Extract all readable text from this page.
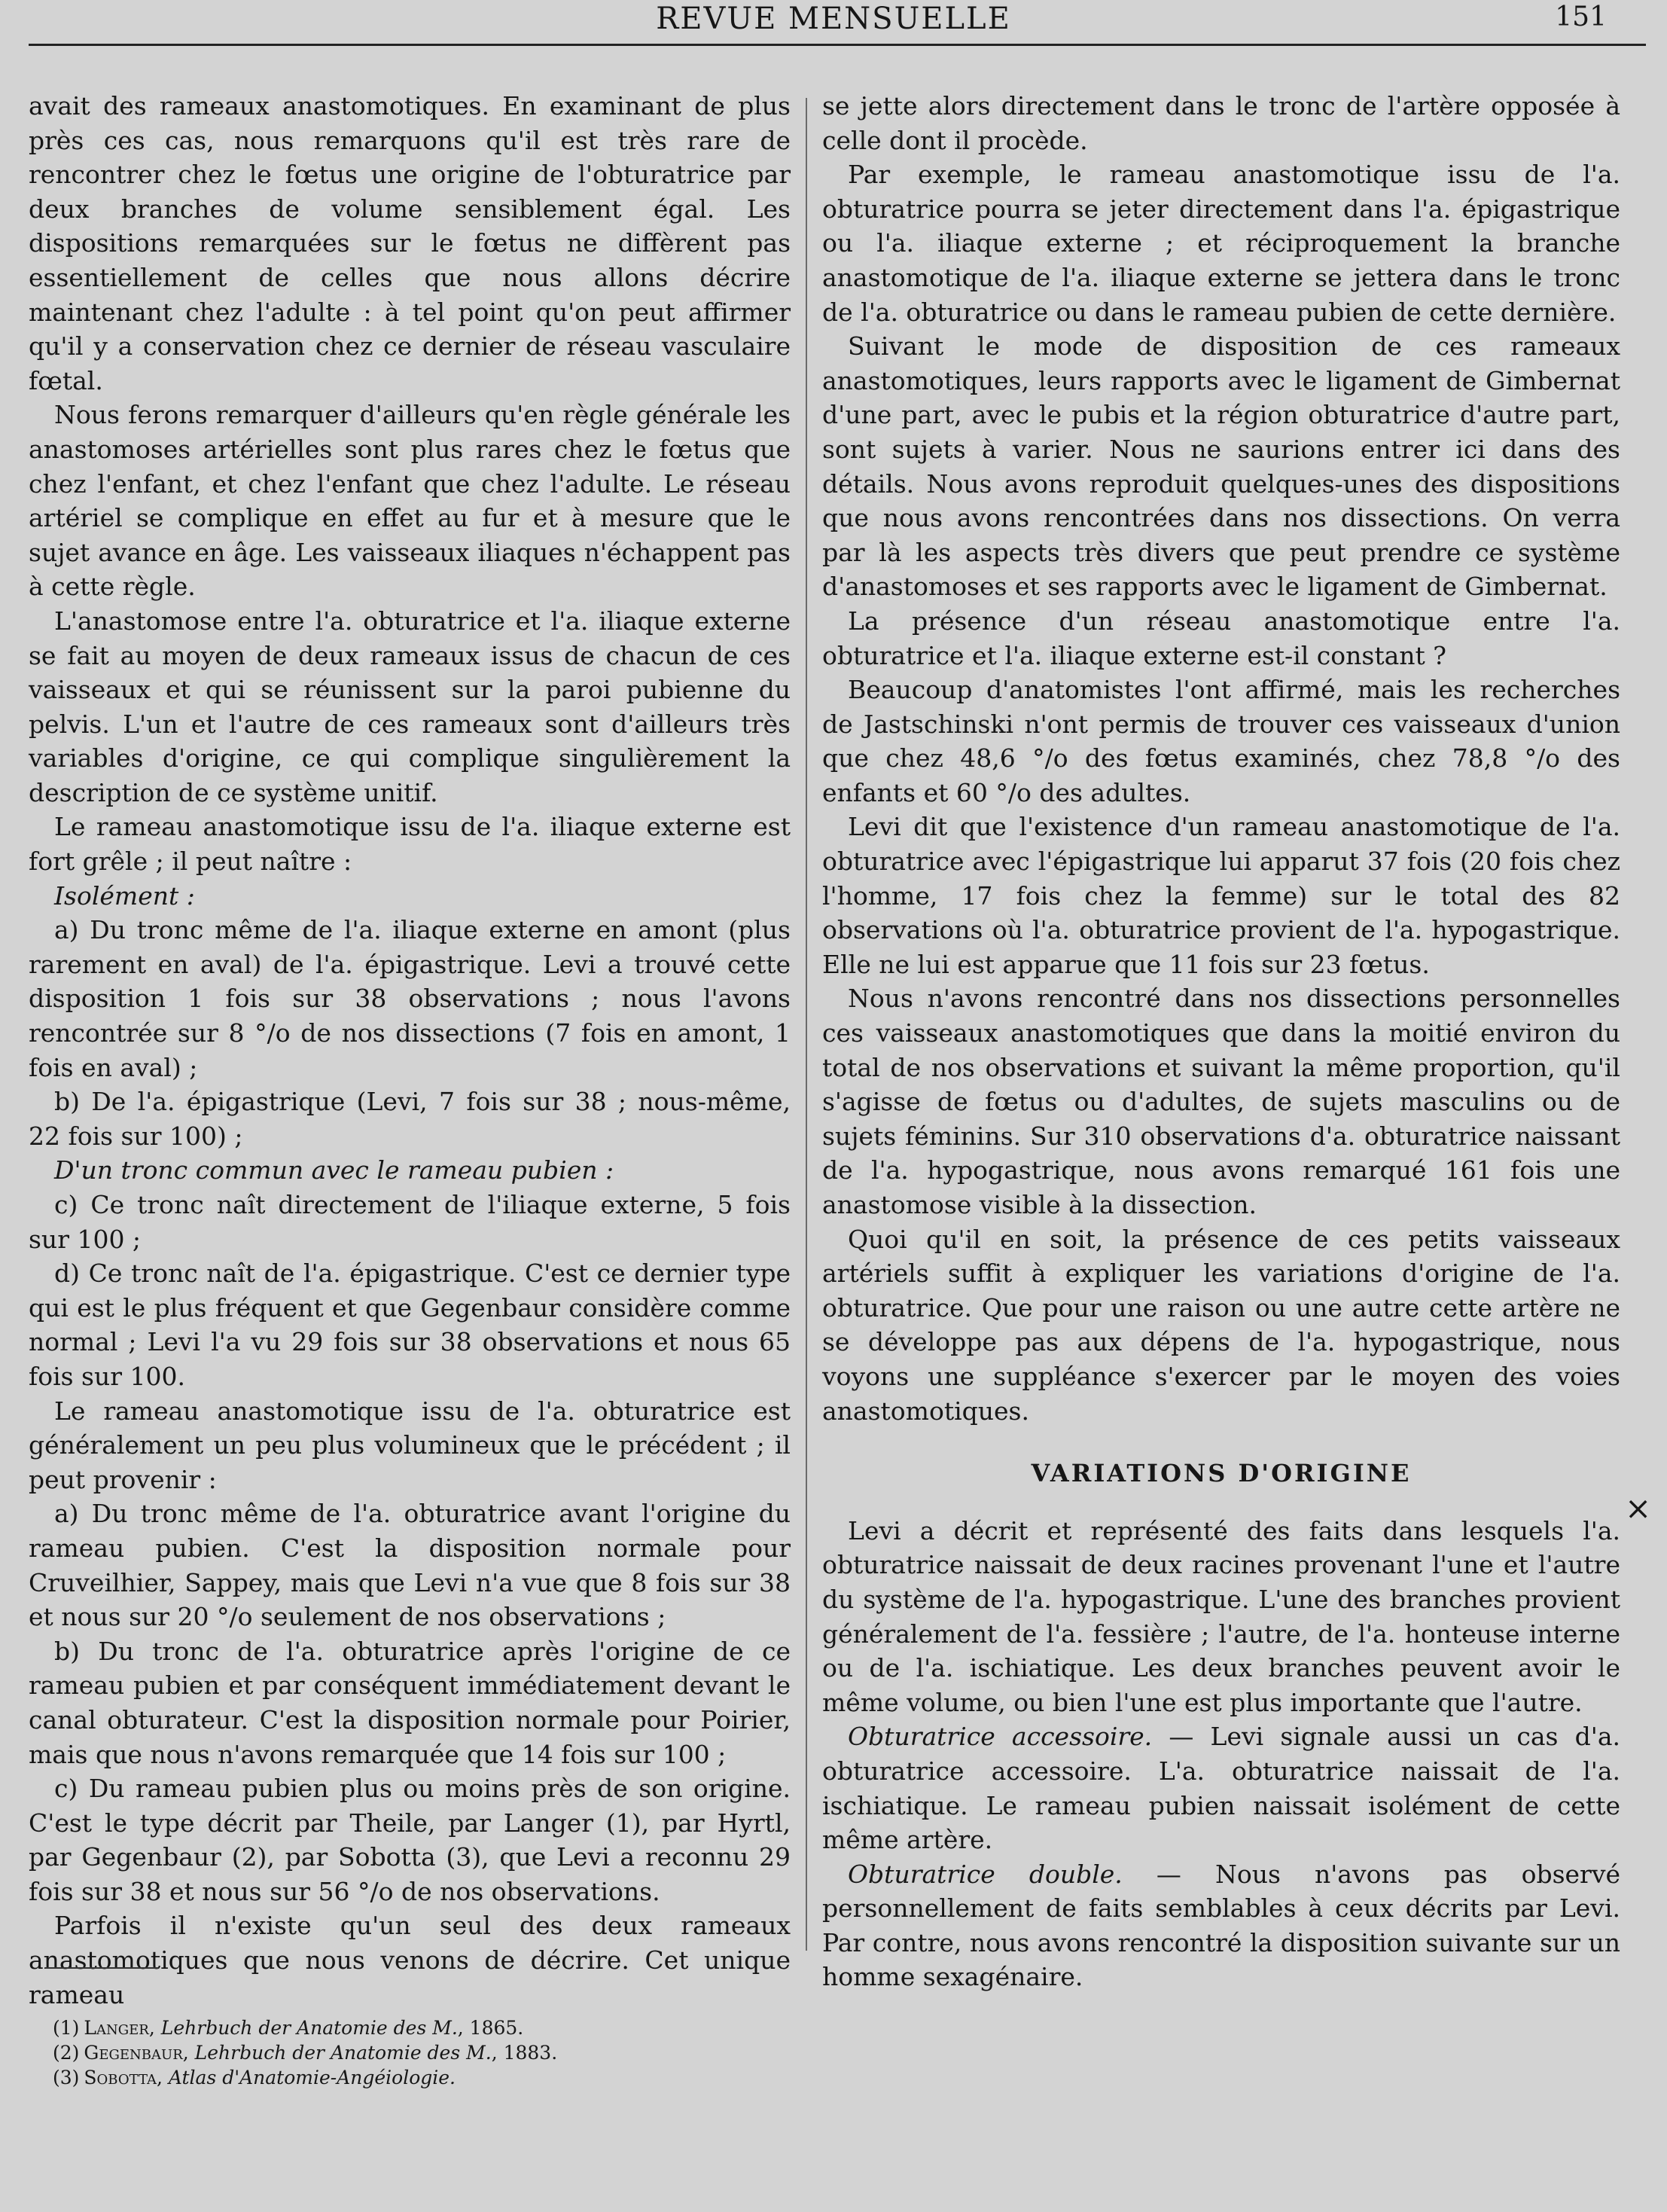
REVUE MENSUELLE	151

avait des rameaux anastomotiques. En examinant de plus près ces cas, nous remarquons qu'il est très rare de rencontrer chez le fœtus une origine de l'obturatrice par deux branches de volume sensiblement égal. Les dispositions remarquées sur le fœtus ne diffèrent pas essentiellement de celles que nous allons décrire maintenant chez l'adulte : à tel point qu'on peut affirmer qu'il y a conservation chez ce dernier de réseau vasculaire fœtal.

Nous ferons remarquer d'ailleurs qu'en règle générale les anastomoses artérielles sont plus rares chez le fœtus que chez l'enfant, et chez l'enfant que chez l'adulte. Le réseau artériel se complique en effet au fur et à mesure que le sujet avance en âge. Les vaisseaux iliaques n'échappent pas à cette règle.

L'anastomose entre l'a. obturatrice et l'a. iliaque externe se fait au moyen de deux rameaux issus de chacun de ces vaisseaux et qui se réunissent sur la paroi pubienne du pelvis. L'un et l'autre de ces rameaux sont d'ailleurs très variables d'origine, ce qui complique singulièrement la description de ce système unitif.

Le rameau anastomotique issu de l'a. iliaque externe est fort grêle ; il peut naître :

Isolément :

a) Du tronc même de l'a. iliaque externe en amont (plus rarement en aval) de l'a. épigastrique. Levi a trouvé cette disposition 1 fois sur 38 observations ; nous l'avons rencontrée sur 8 °/o de nos dissections (7 fois en amont, 1 fois en aval) ;

b) De l'a. épigastrique (Levi, 7 fois sur 38 ; nous-même, 22 fois sur 100) ;

D'un tronc commun avec le rameau pubien :

c) Ce tronc naît directement de l'iliaque externe, 5 fois sur 100 ;

d) Ce tronc naît de l'a. épigastrique. C'est ce dernier type qui est le plus fréquent et que Gegenbaur considère comme normal ; Levi l'a vu 29 fois sur 38 observations et nous 65 fois sur 100.

Le rameau anastomotique issu de l'a. obturatrice est généralement un peu plus volumineux que le précédent ; il peut provenir :

a) Du tronc même de l'a. obturatrice avant l'origine du rameau pubien. C'est la disposition normale pour Cruveilhier, Sappey, mais que Levi n'a vue que 8 fois sur 38 et nous sur 20 °/o seulement de nos observations ;

b) Du tronc de l'a. obturatrice après l'origine de ce rameau pubien et par conséquent immédiatement devant le canal obturateur. C'est la disposition normale pour Poirier, mais que nous n'avons remarquée que 14 fois sur 100 ;

c) Du rameau pubien plus ou moins près de son origine. C'est le type décrit par Theile, par Langer (1), par Hyrtl, par Gegenbaur (2), par Sobotta (3), que Levi a reconnu 29 fois sur 38 et nous sur 56 °/o de nos observations.

Parfois il n'existe qu'un seul des deux rameaux anastomotiques que nous venons de décrire. Cet unique rameau

se jette alors directement dans le tronc de l'artère opposée à celle dont il procède.

Par exemple, le rameau anastomotique issu de l'a. obturatrice pourra se jeter directement dans l'a. épigastrique ou l'a. iliaque externe ; et réciproquement la branche anastomotique de l'a. iliaque externe se jettera dans le tronc de l'a. obturatrice ou dans le rameau pubien de cette dernière.

Suivant le mode de disposition de ces rameaux anastomotiques, leurs rapports avec le ligament de Gimbernat d'une part, avec le pubis et la région obturatrice d'autre part, sont sujets à varier. Nous ne saurions entrer ici dans des détails. Nous avons reproduit quelques-unes des dispositions que nous avons rencontrées dans nos dissections. On verra par là les aspects très divers que peut prendre ce système d'anastomoses et ses rapports avec le ligament de Gimbernat.

La présence d'un réseau anastomotique entre l'a. obturatrice et l'a. iliaque externe est-il constant ?

Beaucoup d'anatomistes l'ont affirmé, mais les recherches de Jastschinski n'ont permis de trouver ces vaisseaux d'union que chez 48,6 °/o des fœtus examinés, chez 78,8 °/o des enfants et 60 °/o des adultes.

Levi dit que l'existence d'un rameau anastomotique de l'a. obturatrice avec l'épigastrique lui apparut 37 fois (20 fois chez l'homme, 17 fois chez la femme) sur le total des 82 observations où l'a. obturatrice provient de l'a. hypogastrique. Elle ne lui est apparue que 11 fois sur 23 fœtus.

Nous n'avons rencontré dans nos dissections personnelles ces vaisseaux anastomotiques que dans la moitié environ du total de nos observations et suivant la même proportion, qu'il s'agisse de fœtus ou d'adultes, de sujets masculins ou de sujets féminins. Sur 310 observations d'a. obturatrice naissant de l'a. hypogastrique, nous avons remarqué 161 fois une anastomose visible à la dissection.

Quoi qu'il en soit, la présence de ces petits vaisseaux artériels suffit à expliquer les variations d'origine de l'a. obturatrice. Que pour une raison ou une autre cette artère ne se développe pas aux dépens de l'a. hypogastrique, nous voyons une suppléance s'exercer par le moyen des voies anastomotiques.

VARIATIONS D'ORIGINE

Levi a décrit et représenté des faits dans lesquels l'a. obturatrice naissait de deux racines provenant l'une et l'autre du système de l'a. hypogastrique. L'une des branches provient généralement de l'a. fessière ; l'autre, de l'a. honteuse interne ou de l'a. ischiatique. Les deux branches peuvent avoir le même volume, ou bien l'une est plus importante que l'autre.

Obturatrice accessoire. — Levi signale aussi un cas d'a. obturatrice accessoire. L'a. obturatrice naissait de l'a. ischiatique. Le rameau pubien naissait isolément de cette même artère.

Obturatrice double. — Nous n'avons pas observé personnellement de faits semblables à ceux décrits par Levi. Par contre, nous avons rencontré la disposition suivante sur un homme sexagénaire.

×
(1) Langer, Lehrbuch der Anatomie des M., 1865.
(2) Gegenbaur, Lehrbuch der Anatomie des M., 1883.
(3) Sobotta, Atlas d'Anatomie-Angéiologie.
